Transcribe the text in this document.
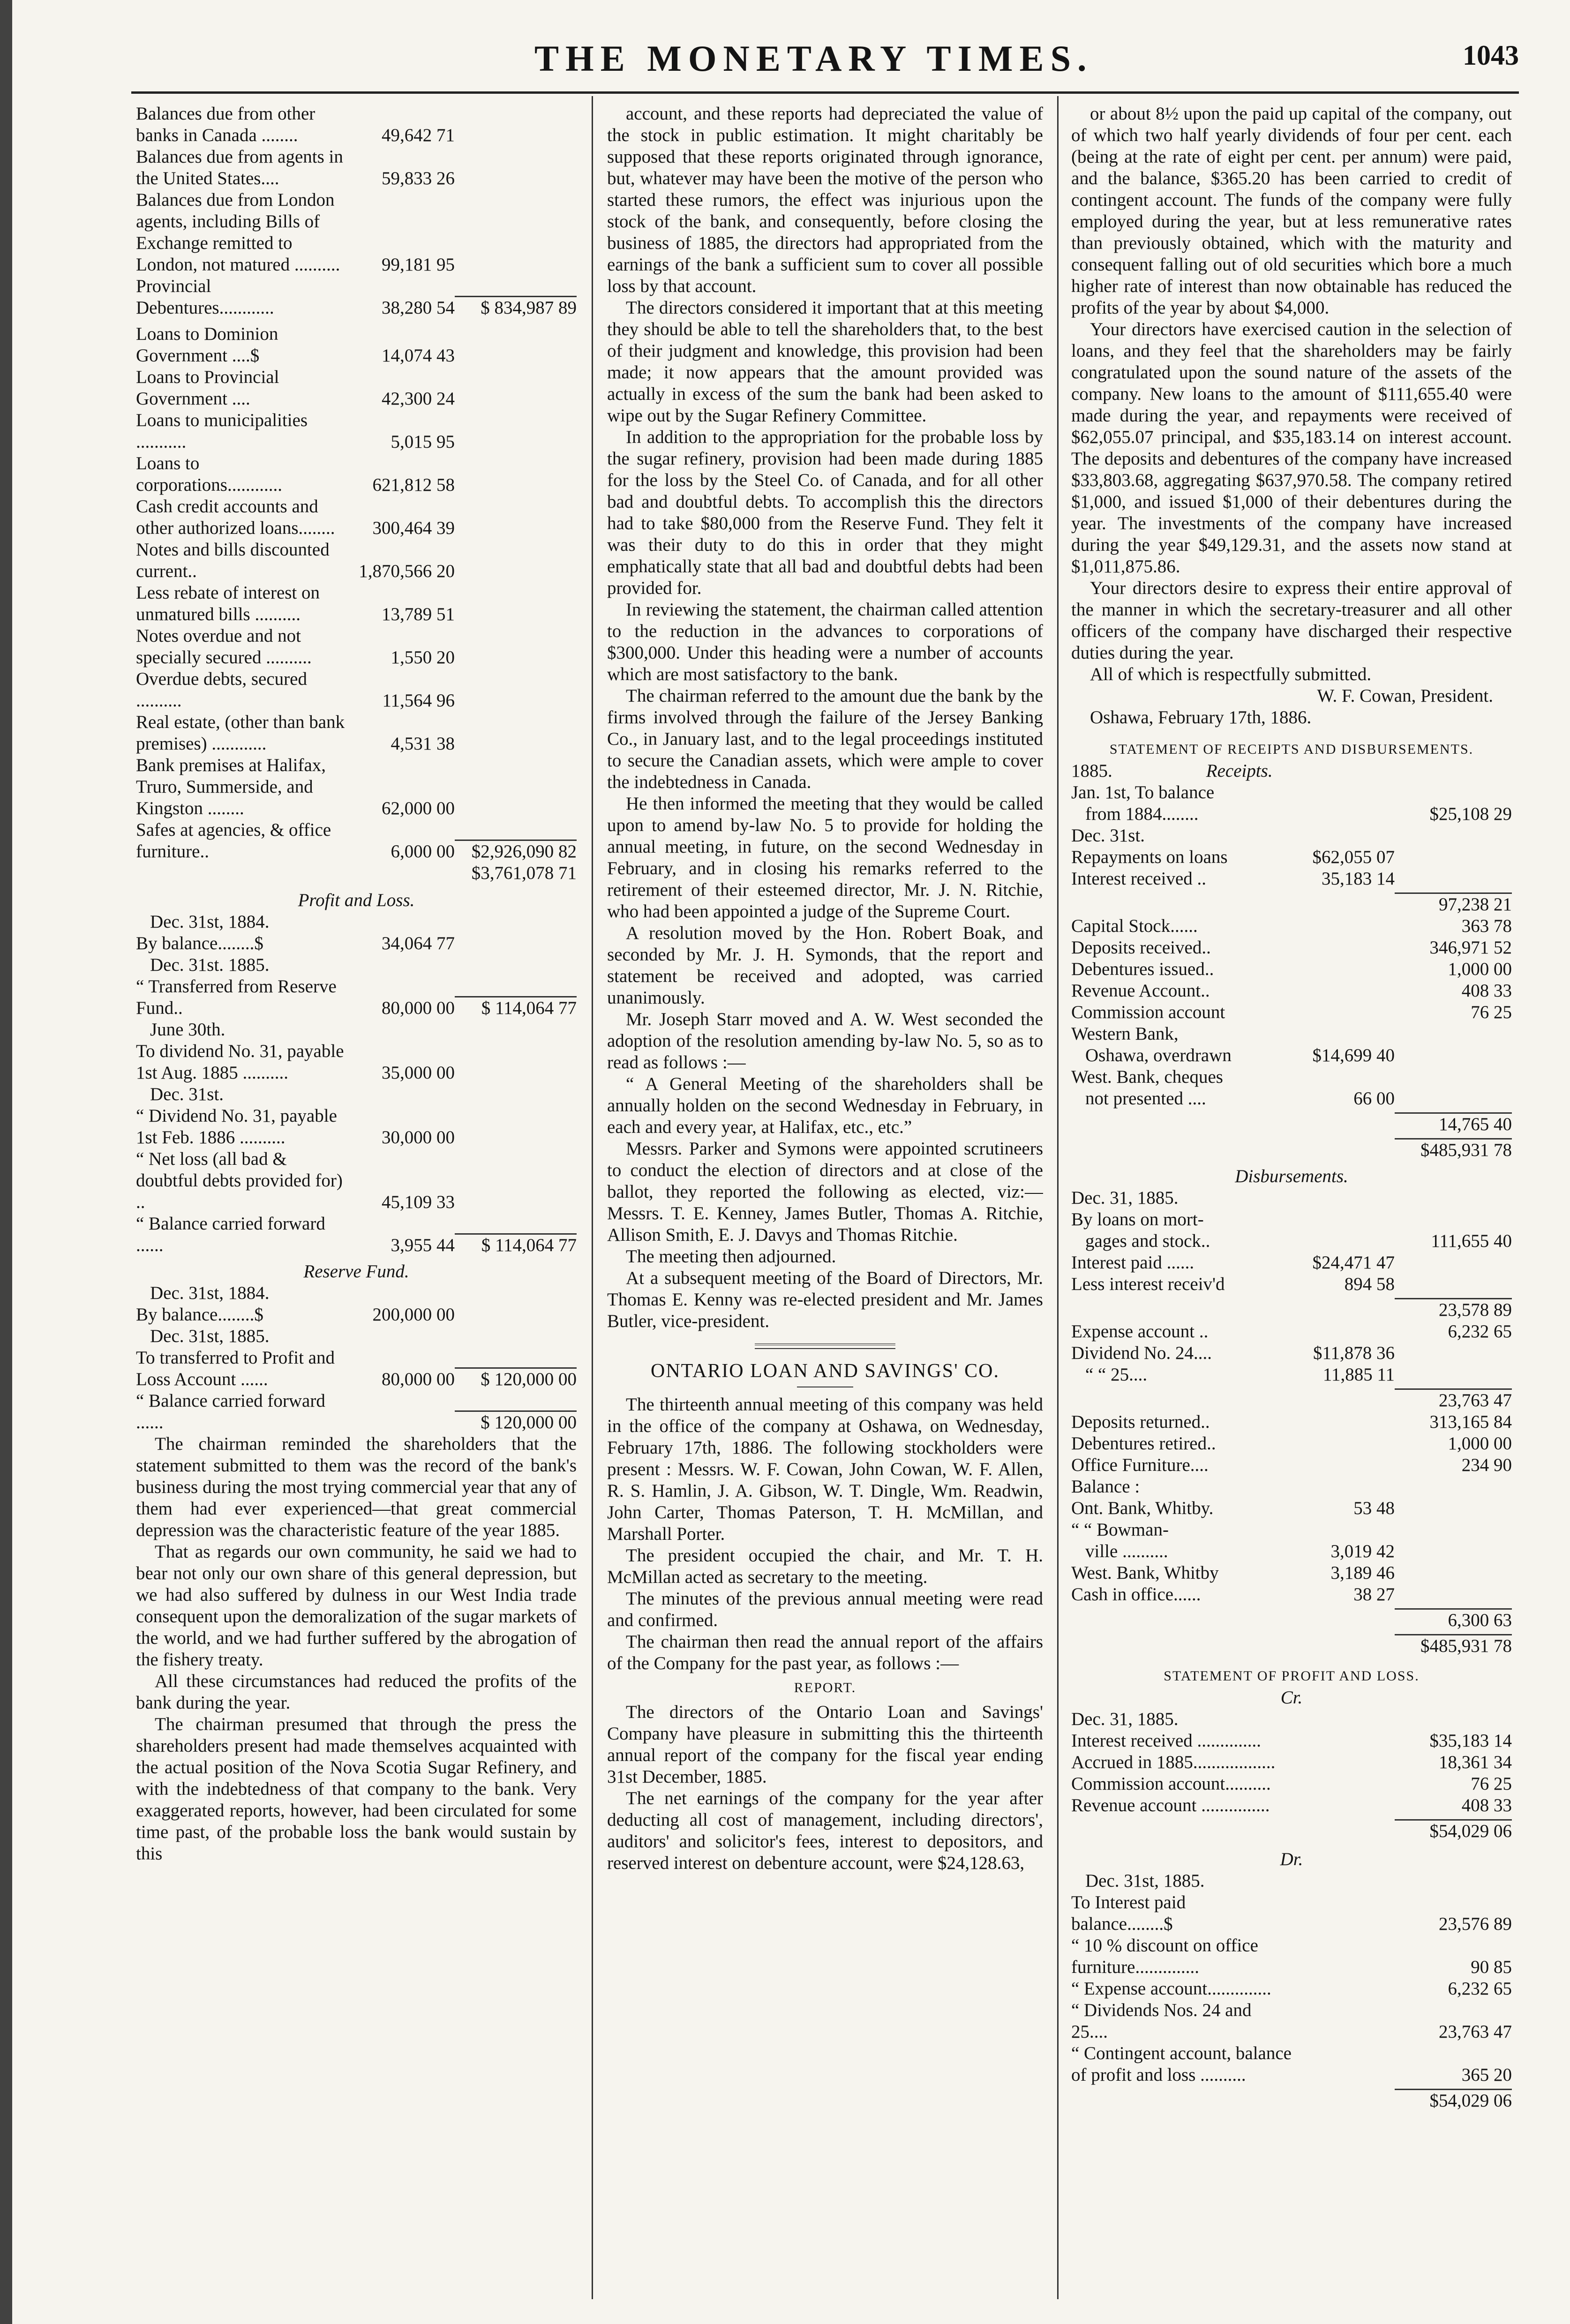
THE MONETARY TIMES.	1043
Balances due from other banks in Canada ........	49,642 71
Balances due from agents in the United States....	59,833 26
Balances due from London agents, including Bills of Exchange remitted to London, not matured ..........	99,181 95
Provincial Debentures............	38,280 54	$ 834,987 89
Loans to Dominion Government ....$	14,074 43
Loans to Provincial Government ....	42,300 24
Loans to municipalities ...........	5,015 95
Loans to corporations............	621,812 58
Cash credit accounts and other authorized loans........	300,464 39
Notes and bills discounted current..	1,870,566 20
Less rebate of interest on unmatured bills ..........	13,789 51
Notes overdue and not specially secured ..........	1,550 20
Overdue debts, secured ..........	11,564 96
Real estate, (other than bank premises) ............	4,531 38
Bank premises at Halifax, Truro, Summerside, and Kingston ........	62,000 00
Safes at agencies, & office furniture..	6,000 00 $2,926,090 82
$3,761,078 71
Profit and Loss.
Dec. 31st, 1884.
By balance........$	34,064 77
Dec. 31st. 1885.
“ Transferred from Reserve Fund..	80,000 00	$ 114,064 77
June 30th.
To dividend No. 31, payable 1st Aug. 1885 ..........	35,000 00
Dec. 31st.
“ Dividend No. 31, payable 1st Feb. 1886 ..........	30,000 00
“ Net loss (all bad & doubtful debts provided for) ..	45,109 33
“ Balance carried forward ......	3,955 44	$ 114,064 77
Reserve Fund.
Dec. 31st, 1884.
By balance........$	200,000 00
Dec. 31st, 1885.
To transferred to Profit and Loss Account ......	80,000 00	$ 120,000 00
“ Balance carried forward ......	$ 120,000 00

The chairman reminded the shareholders that the statement submitted to them was the record of the bank's business during the most trying commercial year that any of them had ever experienced—that great commercial depression was the characteristic feature of the year 1885.

That as regards our own community, he said we had to bear not only our own share of this general depression, but we had also suffered by dulness in our West India trade consequent upon the demoralization of the sugar markets of the world, and we had further suffered by the abrogation of the fishery treaty.

All these circumstances had reduced the profits of the bank during the year.

The chairman presumed that through the press the shareholders present had made themselves acquainted with the actual position of the Nova Scotia Sugar Refinery, and with the indebtedness of that company to the bank. Very exaggerated reports, however, had been circulated for some time past, of the probable loss the bank would sustain by this

account, and these reports had depreciated the value of the stock in public estimation. It might charitably be supposed that these reports originated through ignorance, but, whatever may have been the motive of the person who started these rumors, the effect was injurious upon the stock of the bank, and consequently, before closing the business of 1885, the directors had appropriated from the earnings of the bank a sufficient sum to cover all possible loss by that account.

The directors considered it important that at this meeting they should be able to tell the shareholders that, to the best of their judgment and knowledge, this provision had been made; it now appears that the amount provided was actually in excess of the sum the bank had been asked to wipe out by the Sugar Refinery Committee.

In addition to the appropriation for the probable loss by the sugar refinery, provision had been made during 1885 for the loss by the Steel Co. of Canada, and for all other bad and doubtful debts. To accomplish this the directors had to take $80,000 from the Reserve Fund. They felt it was their duty to do this in order that they might emphatically state that all bad and doubtful debts had been provided for.

In reviewing the statement, the chairman called attention to the reduction in the advances to corporations of $300,000. Under this heading were a number of accounts which are most satisfactory to the bank.

The chairman referred to the amount due the bank by the firms involved through the failure of the Jersey Banking Co., in January last, and to the legal proceedings instituted to secure the Canadian assets, which were ample to cover the indebtedness in Canada.

He then informed the meeting that they would be called upon to amend by-law No. 5 to provide for holding the annual meeting, in future, on the second Wednesday in February, and in closing his remarks referred to the retirement of their esteemed director, Mr. J. N. Ritchie, who had been appointed a judge of the Supreme Court.

A resolution moved by the Hon. Robert Boak, and seconded by Mr. J. H. Symonds, that the report and statement be received and adopted, was carried unanimously.

Mr. Joseph Starr moved and A. W. West seconded the adoption of the resolution amending by-law No. 5, so as to read as follows :—

“ A General Meeting of the shareholders shall be annually holden on the second Wednesday in February, in each and every year, at Halifax, etc., etc.”

Messrs. Parker and Symons were appointed scrutineers to conduct the election of directors and at close of the ballot, they reported the following as elected, viz:—Messrs. T. E. Kenney, James Butler, Thomas A. Ritchie, Allison Smith, E. J. Davys and Thomas Ritchie.

The meeting then adjourned.

At a subsequent meeting of the Board of Directors, Mr. Thomas E. Kenny was re-elected president and Mr. James Butler, vice-president.

ONTARIO LOAN AND SAVINGS' CO.

The thirteenth annual meeting of this company was held in the office of the company at Oshawa, on Wednesday, February 17th, 1886. The following stockholders were present : Messrs. W. F. Cowan, John Cowan, W. F. Allen, R. S. Hamlin, J. A. Gibson, W. T. Dingle, Wm. Readwin, John Carter, Thomas Paterson, T. H. McMillan, and Marshall Porter.

The president occupied the chair, and Mr. T. H. McMillan acted as secretary to the meeting.

The minutes of the previous annual meeting were read and confirmed.

The chairman then read the annual report of the affairs of the Company for the past year, as follows :—

REPORT.

The directors of the Ontario Loan and Savings' Company have pleasure in submitting this the thirteenth annual report of the company for the fiscal year ending 31st December, 1885.

The net earnings of the company for the year after deducting all cost of management, including directors', auditors' and solicitor's fees, interest to depositors, and reserved interest on debenture account, were $24,128.63,

or about 8½ upon the paid up capital of the company, out of which two half yearly dividends of four per cent. each (being at the rate of eight per cent. per annum) were paid, and the balance, $365.20 has been carried to credit of contingent account. The funds of the company were fully employed during the year, but at less remunerative rates than previously obtained, which with the maturity and consequent falling out of old securities which bore a much higher rate of interest than now obtainable has reduced the profits of the year by about $4,000.

Your directors have exercised caution in the selection of loans, and they feel that the shareholders may be fairly congratulated upon the sound nature of the assets of the company. New loans to the amount of $111,655.40 were made during the year, and repayments were received of $62,055.07 principal, and $35,183.14 on interest account. The deposits and debentures of the company have increased $33,803.68, aggregating $637,970.58. The company retired $1,000, and issued $1,000 of their debentures during the year. The investments of the company have increased during the year $49,129.31, and the assets now stand at $1,011,875.86.

Your directors desire to express their entire approval of the manner in which the secretary-treasurer and all other officers of the company have discharged their respective duties during the year.

All of which is respectfully submitted.

W. F. Cowan, President.
Oshawa, February 17th, 1886.
STATEMENT OF RECEIPTS AND DISBURSEMENTS.
1885.	Receipts.
Jan. 1st, To balance
from 1884........	$25,108 29
Dec. 31st.
Repayments on loans	$62,055 07
Interest received ..	35,183 14
97,238 21
Capital Stock......	363 78
Deposits received..	346,971 52
Debentures issued..	1,000 00
Revenue Account..	408 33
Commission account	76 25
Western Bank,
Oshawa, overdrawn	$14,699 40
West. Bank, cheques
not presented ....	66 00
14,765 40
$485,931 78
Disbursements.
Dec. 31, 1885.
By loans on mort-
gages and stock..	111,655 40
Interest paid ......	$24,471 47
Less interest receiv'd	894 58
23,578 89
Expense account ..	6,232 65
Dividend No. 24....	$11,878 36
“ “ 25....	11,885 11
23,763 47
Deposits returned..	313,165 84
Debentures retired..	1,000 00
Office Furniture....	234 90
Balance :
Ont. Bank, Whitby.	53 48
“ “ Bowman-
ville ..........	3,019 42
West. Bank, Whitby	3,189 46
Cash in office......	38 27
6,300 63
$485,931 78
STATEMENT OF PROFIT AND LOSS.
Cr.
Dec. 31, 1885.
Interest received ..............	$35,183 14
Accrued in 1885..................	18,361 34
Commission account..........	76 25
Revenue account ...............	408 33
$54,029 06
Dr.
Dec. 31st, 1885.
To Interest paid balance........$	23,576 89
“ 10 % discount on office furniture..............	90 85
“ Expense account..............	6,232 65
“ Dividends Nos. 24 and 25....	23,763 47
“ Contingent account, balance of profit and loss ..........	365 20
$54,029 06
